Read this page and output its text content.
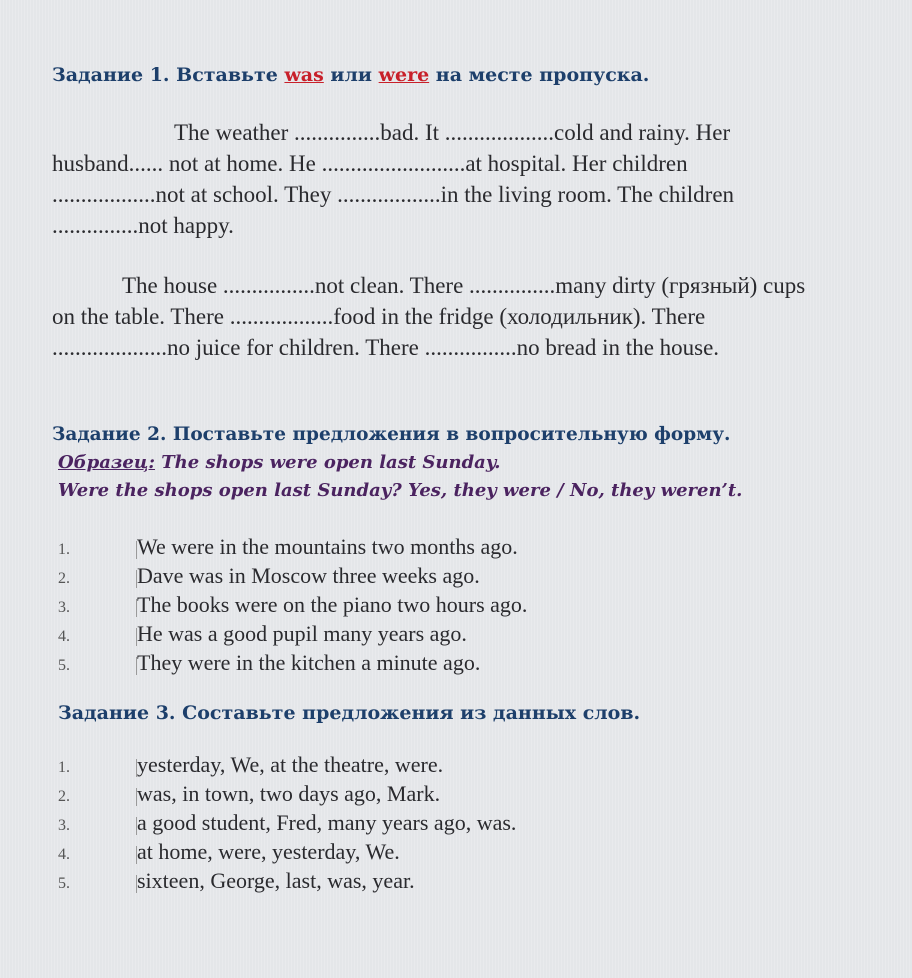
Задание 1. Вставьте was или were на месте пропуска.
The weather ...............bad. It ...................cold and rainy. Her husband...... not at home. He .........................at hospital. Her children ..................not at school. They ..................in the living room. The children ...............not happy.
The house ................not clean. There ...............many dirty (грязный) cups on the table. There ..................food in the fridge (холодильник). There ....................no juice for children. There ................no bread in the house.
Задание 2. Поставьте предложения в вопросительную форму.
Образец: The shops were open last Sunday.
Were the shops open last Sunday? Yes, they were / No, they weren’t.
1.	We were in the mountains two months ago.
2.	Dave was in Moscow three weeks ago.
3.	The books were on the piano two hours ago.
4.	He was a good pupil many years ago.
5.	They were in the kitchen a minute ago.
Задание 3. Составьте предложения из данных слов.
1.	yesterday, We, at the theatre, were.
2.	was, in town, two days ago, Mark.
3.	a good student, Fred, many years ago, was.
4.	at home, were, yesterday, We.
5.	sixteen, George, last, was, year.
